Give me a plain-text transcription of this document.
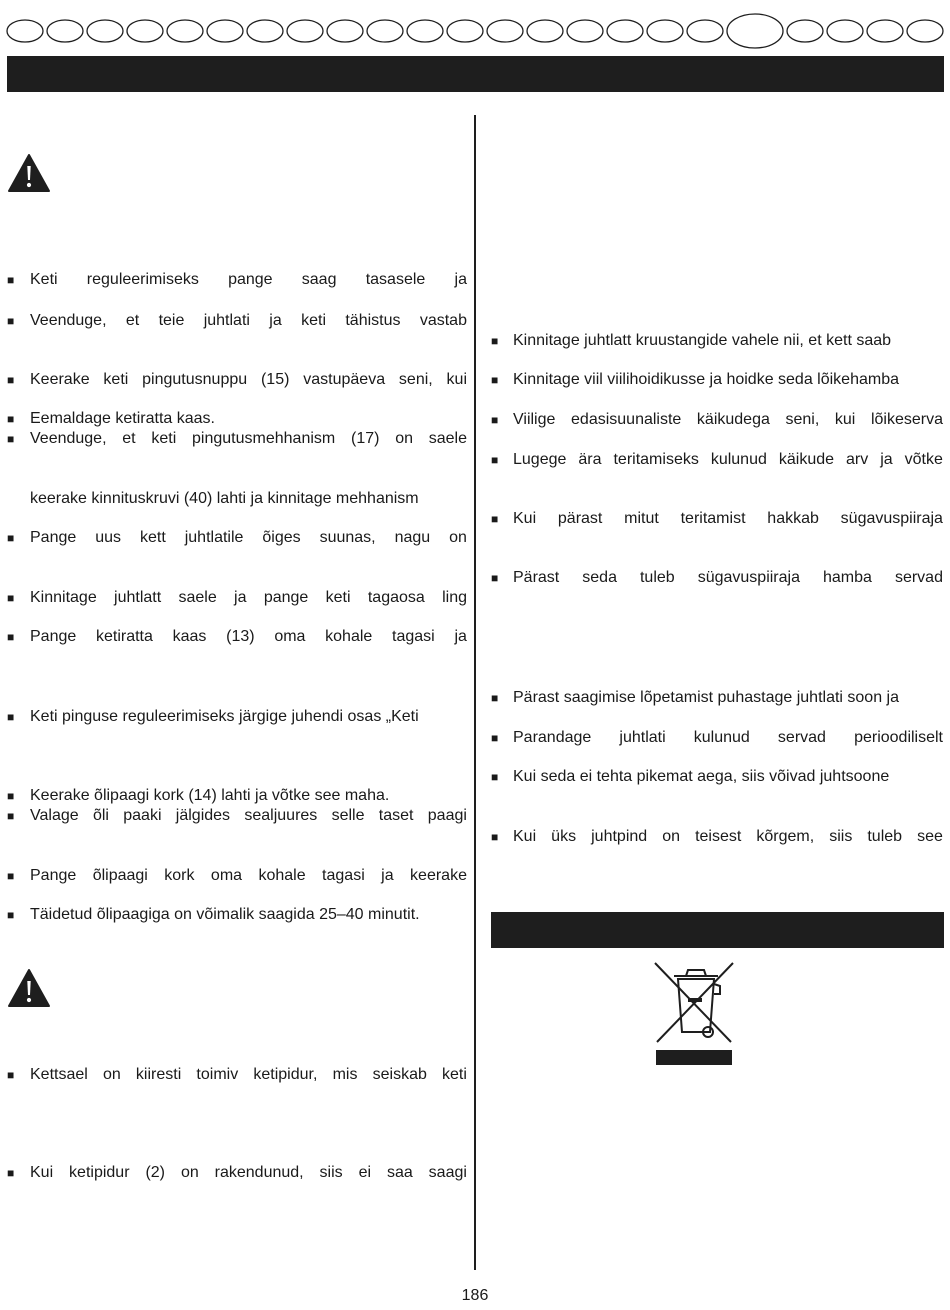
■ Keti reguleerimiseks pange saag tasasele ja
■ Veenduge, et teie juhtlati ja keti tähistus vastab
■ Keerake keti pingutusnuppu (15) vastupäeva seni, kui
■ Eemaldage ketiratta kaas.
■ Veenduge, et keti pingutusmehhanism (17) on saele
keerake kinnituskruvi (40) lahti ja kinnitage mehhanism
■ Pange uus kett juhtlatile õiges suunas, nagu on
■ Kinnitage juhtlatt saele ja pange keti tagaosa ling
■ Pange ketiratta kaas (13) oma kohale tagasi ja
■ Keti pinguse reguleerimiseks järgige juhendi osas „Keti
■ Keerake õlipaagi kork (14) lahti ja võtke see maha.
■ Valage õli paaki jälgides sealjuures selle taset paagi
■ Pange õlipaagi kork oma kohale tagasi ja keerake
■ Täidetud õlipaagiga on võimalik saagida 25–40 minutit.
■ Kettsael on kiiresti toimiv ketipidur, mis seiskab keti
■ Kui ketipidur (2) on rakendunud, siis ei saa saagi
■ Kinnitage juhtlatt kruustangide vahele nii, et kett saab
■ Kinnitage viil viilihoidikusse ja hoidke seda lõikehamba
■ Viilige edasisuunaliste käikudega seni, kui lõikeserva
■ Lugege ära teritamiseks kulunud käikude arv ja võtke
■ Kui pärast mitut teritamist hakkab sügavuspiiraja
■ Pärast seda tuleb sügavuspiiraja hamba servad
■ Pärast saagimise lõpetamist puhastage juhtlati soon ja
■ Parandage juhtlati kulunud servad perioodiliselt
■ Kui seda ei tehta pikemat aega, siis võivad juhtsoone
■ Kui üks juhtpind on teisest kõrgem, siis tuleb see
186
